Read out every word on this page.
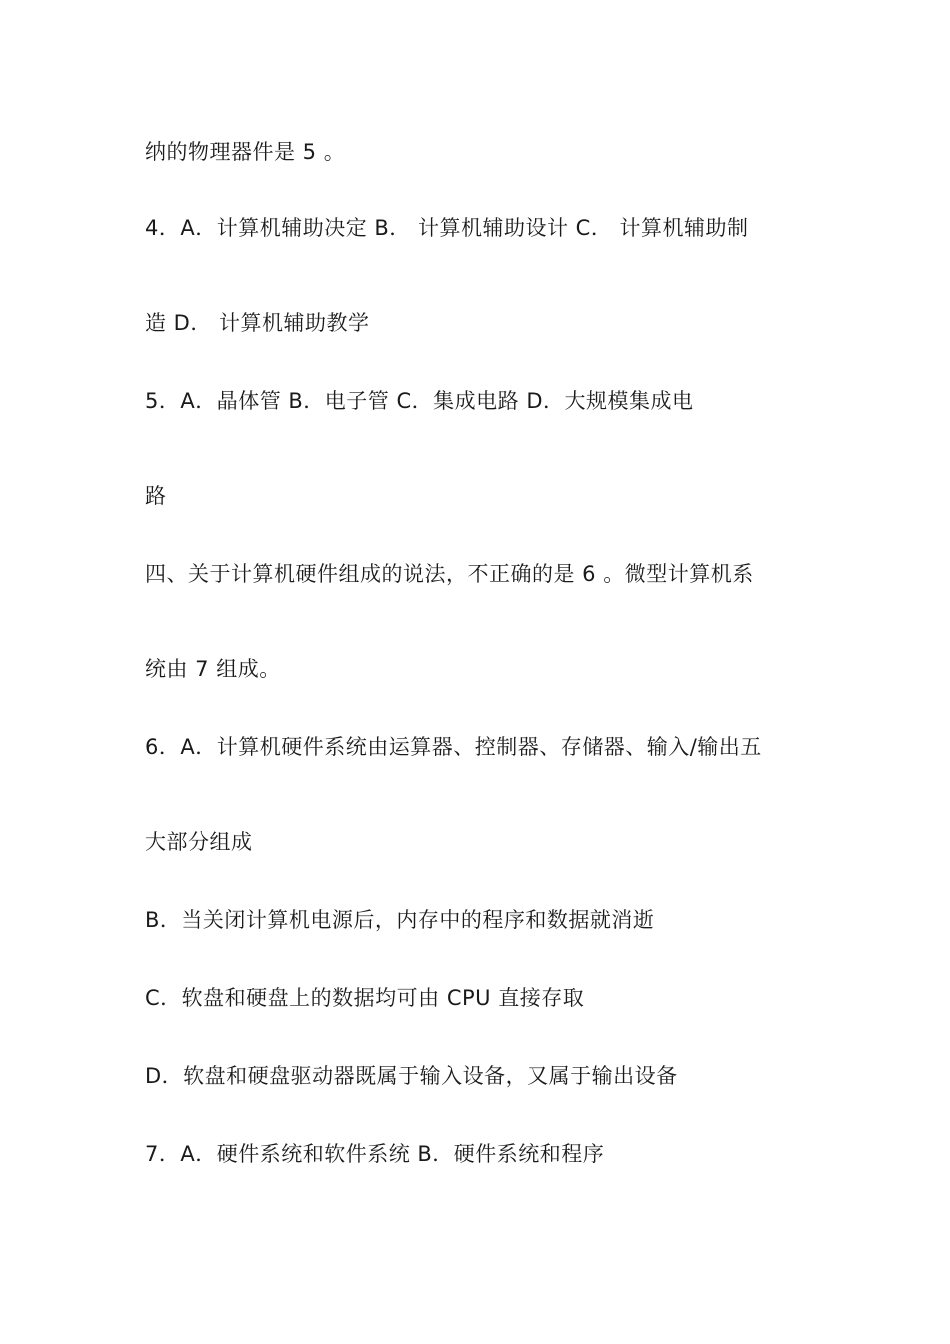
纳的物理器件是 5 。
4．A．计算机辅助决定 B． 计算机辅助设计 C． 计算机辅助制
造 D． 计算机辅助教学
5．A．晶体管 B．电子管 C．集成电路 D．大规模集成电
路
四、关于计算机硬件组成的说法，不正确的是 6 。微型计算机系
统由 7 组成。
6．A．计算机硬件系统由运算器、控制器、存储器、输入/输出五
大部分组成
B．当关闭计算机电源后，内存中的程序和数据就消逝
C．软盘和硬盘上的数据均可由 CPU 直接存取
D．软盘和硬盘驱动器既属于输入设备，又属于输出设备
7．A．硬件系统和软件系统 B．硬件系统和程序
